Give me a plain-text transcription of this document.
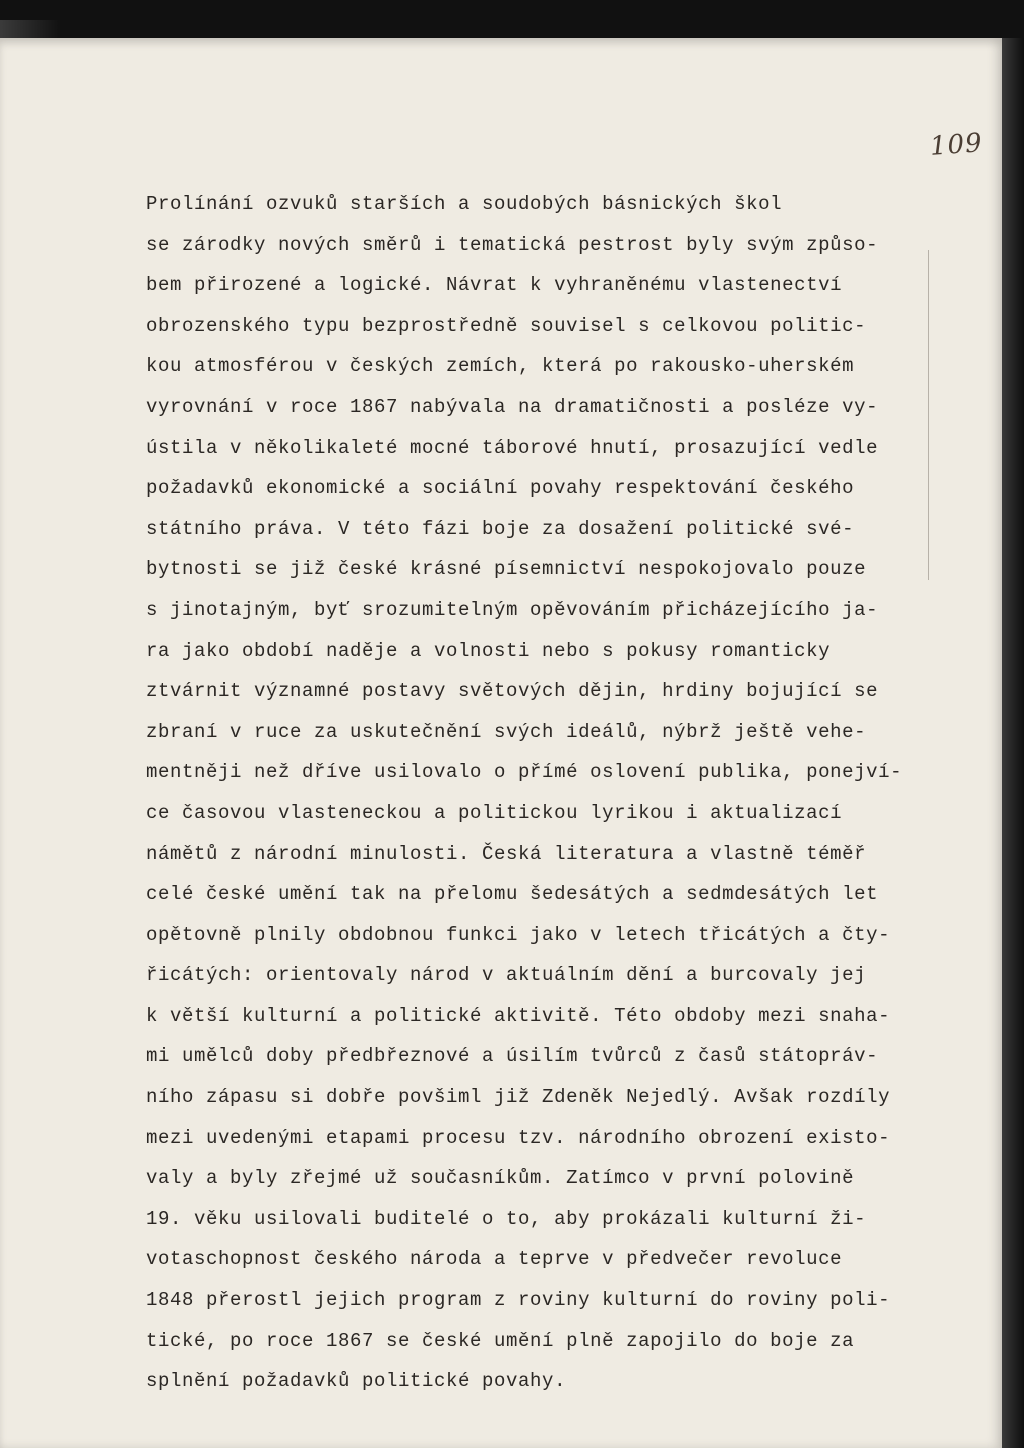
109
Prolínání ozvuků starších a soudobých básnických škol
se zárodky nových směrů i tematická pestrost byly svým způso-
bem přirozené a logické. Návrat k vyhraněnému vlastenectví
obrozenského typu bezprostředně souvisel s celkovou politic-
kou atmosférou v českých zemích, která po rakousko-uherském
vyrovnání v roce 1867 nabývala na dramatičnosti a posléze vy-
ústila v několikaleté mocné táborové hnutí, prosazující vedle
požadavků ekonomické a sociální povahy respektování českého
státního práva. V této fázi boje za dosažení politické své-
bytnosti se již české krásné písemnictví nespokojovalo pouze
s jinotajným, byť srozumitelným opěvováním přicházejícího ja-
ra jako období naděje a volnosti nebo s pokusy romanticky
ztvárnit významné postavy světových dějin, hrdiny bojující se
zbraní v ruce za uskutečnění svých ideálů, nýbrž ještě vehe-
mentněji než dříve usilovalo o přímé oslovení publika, ponejví-
ce časovou vlasteneckou a politickou lyrikou i aktualizací
námětů z národní minulosti. Česká literatura a vlastně téměř
celé české umění tak na přelomu šedesátých a sedmdesátých let
opětovně plnily obdobnou funkci jako v letech třicátých a čty-
řicátých: orientovaly národ v aktuálním dění a burcovaly jej
k větší kulturní a politické aktivitě. Této obdoby mezi snaha-
mi umělců doby předbřeznové a úsilím tvůrců z časů státopráv-
ního zápasu si dobře povšiml již Zdeněk Nejedlý. Avšak rozdíly
mezi uvedenými etapami procesu tzv. národního obrození existo-
valy a byly zřejmé už současníkům. Zatímco v první polovině
19. věku usilovali buditelé o to, aby prokázali kulturní ži-
votaschopnost českého národa a teprve v předvečer revoluce
1848 přerostl jejich program z roviny kulturní do roviny poli-
tické, po roce 1867 se české umění plně zapojilo do boje za
splnění požadavků politické povahy.
